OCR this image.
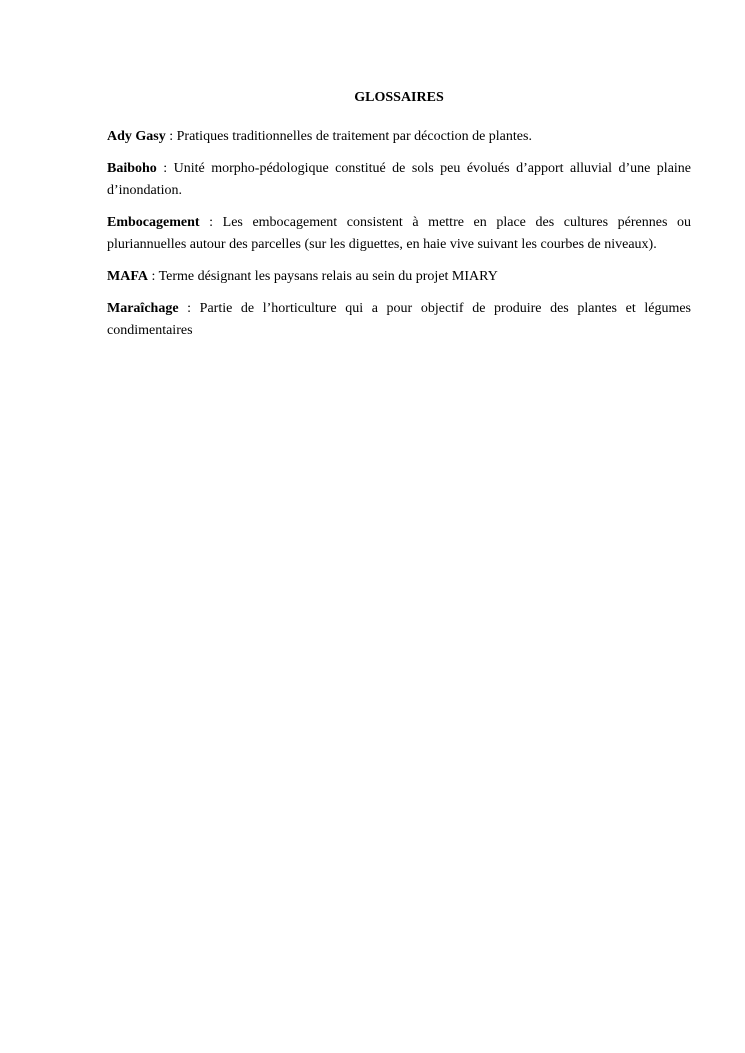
GLOSSAIRES

Ady Gasy : Pratiques traditionnelles de traitement par décoction de plantes.

Baiboho : Unité morpho-pédologique constitué de sols peu évolués d’apport alluvial d’une plaine d’inondation.

Embocagement : Les embocagement consistent à mettre en place des cultures pérennes ou pluriannuelles autour des parcelles (sur les diguettes, en haie vive suivant les courbes de niveaux).

MAFA : Terme désignant les paysans relais au sein du projet MIARY

Maraîchage : Partie de l’horticulture qui a pour objectif de produire des plantes et légumes condimentaires
